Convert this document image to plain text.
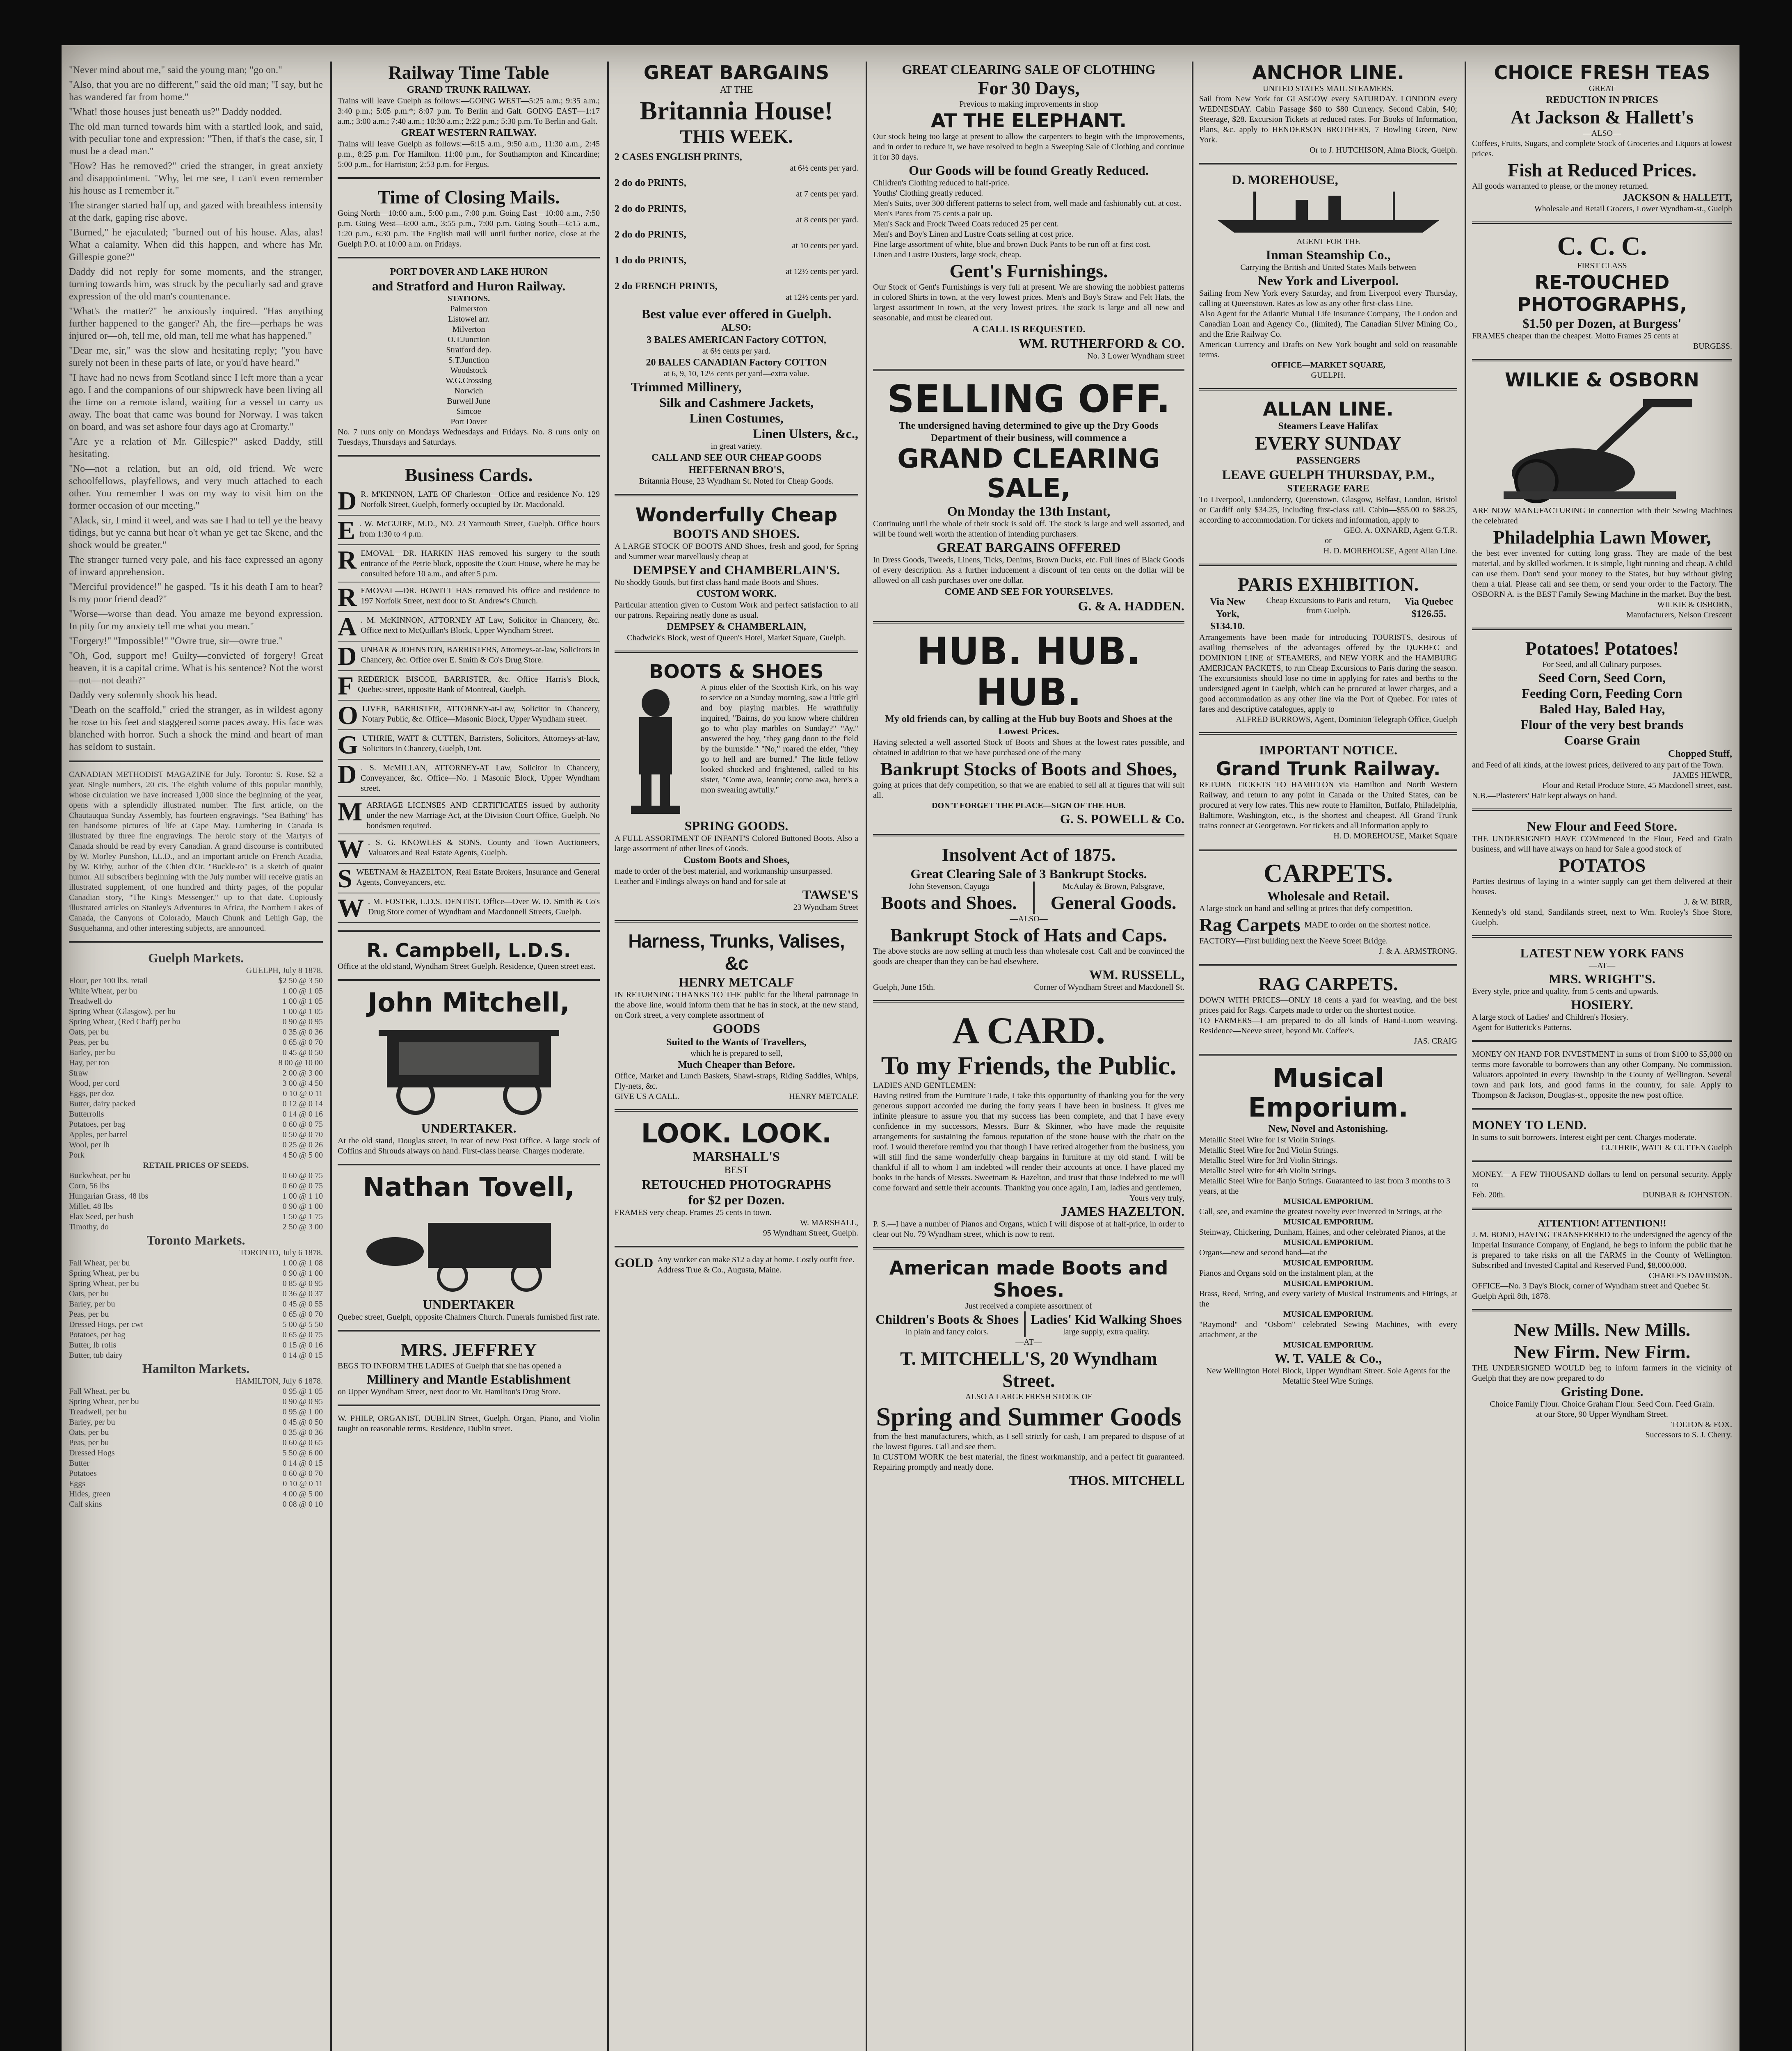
"Never mind about me," said the young man; "go on."

"Also, that you are no different," said the old man; "I say, but he has wandered far from home."

"What! those houses just beneath us?" Daddy nodded.

The old man turned towards him with a startled look, and said, with peculiar tone and expression: "Then, if that's the case, sir, I must be a dead man."

"How? Has he removed?" cried the stranger, in great anxiety and disappointment. "Why, let me see, I can't even remember his house as I remember it."

The stranger started half up, and gazed with breathless intensity at the dark, gaping rise above.

"Burned," he ejaculated; "burned out of his house. Alas, alas! What a calamity. When did this happen, and where has Mr. Gillespie gone?"

Daddy did not reply for some moments, and the stranger, turning towards him, was struck by the peculiarly sad and grave expression of the old man's countenance.

"What's the matter?" he anxiously inquired. "Has anything further happened to the ganger? Ah, the fire—perhaps he was injured or—oh, tell me, old man, tell me what has happened."

"Dear me, sir," was the slow and hesitating reply; "you have surely not been in these parts of late, or you'd have heard."

"I have had no news from Scotland since I left more than a year ago. I and the companions of our shipwreck have been living all the time on a remote island, waiting for a vessel to carry us away. The boat that came was bound for Norway. I was taken on board, and was set ashore four days ago at Cromarty."

"Are ye a relation of Mr. Gillespie?" asked Daddy, still hesitating.

"No—not a relation, but an old, old friend. We were schoolfellows, playfellows, and very much attached to each other. You remember I was on my way to visit him on the former occasion of our meeting."

"Alack, sir, I mind it weel, and was sae I had to tell ye the heavy tidings, but ye canna but hear o't whan ye get tae Skene, and the shock would be greater."

The stranger turned very pale, and his face expressed an agony of inward apprehension.

"Merciful providence!" he gasped. "Is it his death I am to hear? Is my poor friend dead?"

"Worse—worse than dead. You amaze me beyond expression. In pity for my anxiety tell me what you mean."

"Forgery!" "Impossible!" "Owre true, sir—owre true."

"Oh, God, support me! Guilty—convicted of forgery! Great heaven, it is a capital crime. What is his sentence? Not the worst—not—not death?"

Daddy very solemnly shook his head.

"Death on the scaffold," cried the stranger, as in wildest agony he rose to his feet and staggered some paces away. His face was blanched with horror. Such a shock the mind and heart of man has seldom to sustain.

CANADIAN METHODIST MAGAZINE for July. Toronto: S. Rose. $2 a year. Single numbers, 20 cts. The eighth volume of this popular monthly, whose circulation we have increased 1,000 since the beginning of the year, opens with a splendidly illustrated number. The first article, on the Chautauqua Sunday Assembly, has fourteen engravings. "Sea Bathing" has ten handsome pictures of life at Cape May. Lumbering in Canada is illustrated by three fine engravings. The heroic story of the Martyrs of Canada should be read by every Canadian. A grand discourse is contributed by W. Morley Punshon, LL.D., and an important article on French Acadia, by W. Kirby, author of the Chien d'Or. "Buckle-to" is a sketch of quaint humor. All subscribers beginning with the July number will receive gratis an illustrated supplement, of one hundred and thirty pages, of the popular Canadian story, "The King's Messenger," up to that date. Copiously illustrated articles on Stanley's Adventures in Africa, the Northern Lakes of Canada, the Canyons of Colorado, Mauch Chunk and Lehigh Gap, the Susquehanna, and other interesting subjects, are announced.
Guelph Markets.
GUELPH, July 8 1878.
Flour, per 100 lbs. retail	$2 50 @ 3 50
White Wheat, per bu	1 00 @ 1 05
Treadwell do	1 00 @ 1 05
Spring Wheat (Glasgow), per bu	1 00 @ 1 05
Spring Wheat, (Red Chaff) per bu	0 90 @ 0 95
Oats, per bu	0 35 @ 0 36
Peas, per bu	0 65 @ 0 70
Barley, per bu	0 45 @ 0 50
Hay, per ton	8 00 @ 10 00
Straw	2 00 @ 3 00
Wood, per cord	3 00 @ 4 50
Eggs, per doz	0 10 @ 0 11
Butter, dairy packed	0 12 @ 0 14
Butterrolls	0 14 @ 0 16
Potatoes, per bag	0 60 @ 0 75
Apples, per barrel	0 50 @ 0 70
Wool, per lb	0 25 @ 0 26
Pork	4 50 @ 5 00
RETAIL PRICES OF SEEDS.
Buckwheat, per bu	0 60 @ 0 75
Corn, 56 lbs	0 60 @ 0 75
Hungarian Grass, 48 lbs	1 00 @ 1 10
Millet, 48 lbs	0 90 @ 1 00
Flax Seed, per bush	1 50 @ 1 75
Timothy, do	2 50 @ 3 00
Toronto Markets.
TORONTO, July 6 1878.
Fall Wheat, per bu	1 00 @ 1 08
Spring Wheat, per bu	0 90 @ 1 00
Spring Wheat, per bu	0 85 @ 0 95
Oats, per bu	0 36 @ 0 37
Barley, per bu	0 45 @ 0 55
Peas, per bu	0 65 @ 0 70
Dressed Hogs, per cwt	5 00 @ 5 50
Potatoes, per bag	0 65 @ 0 75
Butter, lb rolls	0 15 @ 0 16
Butter, tub dairy	0 14 @ 0 15
Hamilton Markets.
HAMILTON, July 6 1878.
Fall Wheat, per bu	0 95 @ 1 05
Spring Wheat, per bu	0 90 @ 0 95
Treadwell, per bu	0 95 @ 1 00
Barley, per bu	0 45 @ 0 50
Oats, per bu	0 35 @ 0 36
Peas, per bu	0 60 @ 0 65
Dressed Hogs	5 50 @ 6 00
Butter	0 14 @ 0 15
Potatoes	0 60 @ 0 70
Eggs	0 10 @ 0 11
Hides, green	4 00 @ 5 00
Calf skins	0 08 @ 0 10
Railway Time Table
GRAND TRUNK RAILWAY.
Trains will leave Guelph as follows:—GOING WEST—5:25 a.m.; 9:35 a.m.; 3:40 p.m.; 5:05 p.m.*; 8:07 p.m. To Berlin and Galt. GOING EAST—1:17 a.m.; 3:00 a.m.; 7:40 a.m.; 10:30 a.m.; 2:22 p.m.; 5:30 p.m. To Berlin and Galt.
GREAT WESTERN RAILWAY.
Trains will leave Guelph as follows:—6:15 a.m., 9:50 a.m., 11:30 a.m., 2:45 p.m., 8:25 p.m. For Hamilton. 11:00 p.m., for Southampton and Kincardine; 5:00 p.m., for Harriston; 2:53 p.m. for Fergus.
Time of Closing Mails.
Going North—10:00 a.m., 5:00 p.m., 7:00 p.m. Going East—10:00 a.m., 7:50 p.m. Going West—6:00 a.m., 3:55 p.m., 7:00 p.m. Going South—6:15 a.m., 1:20 p.m., 6:30 p.m. The English mail will until further notice, close at the Guelph P.O. at 10:00 a.m. on Fridays.
PORT DOVER AND LAKE HURON
and Stratford and Huron Railway.
STATIONS.
Palmerston
Listowel arr.
Milverton
O.T.Junction
Stratford dep.
S.T.Junction
Woodstock
W.G.Crossing
Norwich
Burwell June
Simcoe
Port Dover
No. 7 runs only on Mondays Wednesdays and Fridays. No. 8 runs only on Tuesdays, Thursdays and Saturdays.
Business Cards.
D R. M'KINNON, LATE OF Charleston—Office and residence No. 129 Norfolk Street, Guelph, formerly occupied by Dr. Macdonald.
E . W. McGUIRE, M.D., NO. 23 Yarmouth Street, Guelph. Office hours from 1:30 to 4 p.m.
REMOVAL—DR. HARKIN HAS removed his surgery to the south entrance of the Petrie block, opposite the Court House, where he may be consulted before 10 a.m., and after 5 p.m.
REMOVAL—DR. HOWITT HAS removed his office and residence to 197 Norfolk Street, next door to St. Andrew's Church.
A . M. McKINNON, ATTORNEY AT Law, Solicitor in Chancery, &c. Office next to McQuillan's Block, Upper Wyndham Street.
DUNBAR & JOHNSTON, BARRISTERS, Attorneys-at-law, Solicitors in Chancery, &c. Office over E. Smith & Co's Drug Store.
FREDERICK BISCOE, BARRISTER, &c. Office—Harris's Block, Quebec-street, opposite Bank of Montreal, Guelph.
OLIVER, BARRISTER, ATTORNEY-at-Law, Solicitor in Chancery, Notary Public, &c. Office—Masonic Block, Upper Wyndham street.
GUTHRIE, WATT & CUTTEN, Barristers, Solicitors, Attorneys-at-law, Solicitors in Chancery, Guelph, Ont.
D . S. McMILLAN, ATTORNEY-AT Law, Solicitor in Chancery, Conveyancer, &c. Office—No. 1 Masonic Block, Upper Wyndham street.
MARRIAGE LICENSES AND CERTIFICATES issued by authority under the new Marriage Act, at the Division Court Office, Guelph. No bondsmen required.
W . S. G. KNOWLES & SONS, County and Town Auctioneers, Valuators and Real Estate Agents, Guelph.
SWEETNAM & HAZELTON, Real Estate Brokers, Insurance and General Agents, Conveyancers, etc.
W . M. FOSTER, L.D.S. DENTIST. Office—Over W. D. Smith & Co's Drug Store corner of Wyndham and Macdonnell Streets, Guelph.
R. Campbell, L.D.S.
Office at the old stand, Wyndham Street Guelph. Residence, Queen street east.
John Mitchell,
UNDERTAKER.
At the old stand, Douglas street, in rear of new Post Office. A large stock of Coffins and Shrouds always on hand. First-class hearse. Charges moderate.
Nathan Tovell,
UNDERTAKER
Quebec street, Guelph, opposite Chalmers Church. Funerals furnished first rate.
MRS. JEFFREY
BEGS TO INFORM THE LADIES of Guelph that she has opened a
Millinery and Mantle Establishment
on Upper Wyndham Street, next door to Mr. Hamilton's Drug Store.
W. PHILP, ORGANIST, DUBLIN Street, Guelph. Organ, Piano, and Violin taught on reasonable terms. Residence, Dublin street.
GREAT BARGAINS
AT THE
Britannia House!
THIS WEEK.
2 CASES ENGLISH PRINTS,
at 6½ cents per yard.
2 do do PRINTS,
at 7 cents per yard.
2 do do PRINTS,
at 8 cents per yard.
2 do do PRINTS,
at 10 cents per yard.
1 do do PRINTS,
at 12½ cents per yard.
2 do FRENCH PRINTS,
at 12½ cents per yard.
Best value ever offered in Guelph.
ALSO:
3 BALES AMERICAN Factory COTTON,
at 6½ cents per yard.
20 BALES CANADIAN Factory COTTON
at 6, 9, 10, 12½ cents per yard—extra value.
Trimmed Millinery,
Silk and Cashmere Jackets,
Linen Costumes,
Linen Ulsters, &c.,
in great variety.
CALL AND SEE OUR CHEAP GOODS
HEFFERNAN BRO'S,
Britannia House, 23 Wyndham St. Noted for Cheap Goods.
Wonderfully Cheap
BOOTS AND SHOES.
A LARGE STOCK OF BOOTS AND Shoes, fresh and good, for Spring and Summer wear marvellously cheap at
DEMPSEY and CHAMBERLAIN'S.
No shoddy Goods, but first class hand made Boots and Shoes.
CUSTOM WORK.
Particular attention given to Custom Work and perfect satisfaction to all our patrons. Repairing neatly done as usual.
DEMPSEY & CHAMBERLAIN,
Chadwick's Block, west of Queen's Hotel, Market Square, Guelph.
BOOTS & SHOES
A pious elder of the Scottish Kirk, on his way to service on a Sunday morning, saw a little girl and boy playing marbles. He wrathfully inquired, "Bairns, do you know where children go to who play marbles on Sunday?" "Ay," answered the boy, "they gang doon to the field by the burnside." "No," roared the elder, "they go to hell and are burned." The little fellow looked shocked and frightened, called to his sister, "Come awa, Jeannie; come awa, here's a mon swearing awfully."
SPRING GOODS.
A FULL ASSORTMENT OF INFANT'S Colored Buttoned Boots. Also a large assortment of other lines of Goods.
Custom Boots and Shoes,
made to order of the best material, and workmanship unsurpassed.
Leather and Findings always on hand and for sale at
TAWSE'S
23 Wyndham Street
Harness, Trunks, Valises, &c
HENRY METCALF
IN RETURNING THANKS TO THE public for the liberal patronage in the above line, would inform them that he has in stock, at the new stand, on Cork street, a very complete assortment of
GOODS
Suited to the Wants of Travellers,
which he is prepared to sell,
Much Cheaper than Before.
Office, Market and Lunch Baskets, Shawl-straps, Riding Saddles, Whips, Fly-nets, &c.
GIVE US A CALL.	HENRY METCALF.
LOOK. LOOK.
MARSHALL'S
BEST
RETOUCHED PHOTOGRAPHS
for $2 per Dozen.
FRAMES very cheap. Frames 25 cents in town.
W. MARSHALL,
95 Wyndham Street, Guelph.
GOLD Any worker can make $12 a day at home. Costly outfit free. Address True & Co., Augusta, Maine.
GREAT CLEARING SALE OF CLOTHING
For 30 Days,
Previous to making improvements in shop
AT THE ELEPHANT.
Our stock being too large at present to allow the carpenters to begin with the improvements, and in order to reduce it, we have resolved to begin a Sweeping Sale of Clothing and continue it for 30 days.
Our Goods will be found Greatly Reduced.
Children's Clothing reduced to half-price.
Youths' Clothing greatly reduced.
Men's Suits, over 300 different patterns to select from, well made and fashionably cut, at cost.
Men's Pants from 75 cents a pair up.
Men's Sack and Frock Tweed Coats reduced 25 per cent.
Men's and Boy's Linen and Lustre Coats selling at cost price.
Fine large assortment of white, blue and brown Duck Pants to be run off at first cost.
Linen and Lustre Dusters, large stock, cheap.
Gent's Furnishings.
Our Stock of Gent's Furnishings is very full at present. We are showing the nobbiest patterns in colored Shirts in town, at the very lowest prices. Men's and Boy's Straw and Felt Hats, the largest assortment in town, at the very lowest prices. The stock is large and all new and seasonable, and must be cleared out.
A CALL IS REQUESTED.
WM. RUTHERFORD & CO.
No. 3 Lower Wyndham street
SELLING OFF.
The undersigned having determined to give up the Dry Goods Department of their business, will commence a
GRAND CLEARING SALE,
On Monday the 13th Instant,
Continuing until the whole of their stock is sold off. The stock is large and well assorted, and will be found well worth the attention of intending purchasers.
GREAT BARGAINS OFFERED
In Dress Goods, Tweeds, Linens, Ticks, Denims, Brown Ducks, etc. Full lines of Black Goods of every description. As a further inducement a discount of ten cents on the dollar will be allowed on all cash purchases over one dollar.
COME AND SEE FOR YOURSELVES.
G. & A. HADDEN.
HUB. HUB. HUB.
My old friends can, by calling at the Hub buy Boots and Shoes at the Lowest Prices.
Having selected a well assorted Stock of Boots and Shoes at the lowest rates possible, and obtained in addition to that we have purchased one of the many
Bankrupt Stocks of Boots and Shoes,
going at prices that defy competition, so that we are enabled to sell all at figures that will suit all.
DON'T FORGET THE PLACE—SIGN OF THE HUB.
G. S. POWELL & Co.
Insolvent Act of 1875.
Great Clearing Sale of 3 Bankrupt Stocks.
John Stevenson, Cayuga
Boots and Shoes.
McAulay & Brown, Palsgrave,
General Goods.
—ALSO—
Bankrupt Stock of Hats and Caps.
The above stocks are now selling at much less than wholesale cost. Call and be convinced the goods are cheaper than they can be had elsewhere.
WM. RUSSELL,
Guelph, June 15th.	Corner of Wyndham Street and Macdonell St.
A CARD.
To my Friends, the Public.
LADIES AND GENTLEMEN:
Having retired from the Furniture Trade, I take this opportunity of thanking you for the very generous support accorded me during the forty years I have been in business. It gives me infinite pleasure to assure you that my success has been complete, and that I have every confidence in my successors, Messrs. Burr & Skinner, who have made the requisite arrangements for sustaining the famous reputation of the stone house with the chair on the roof. I would therefore remind you that though I have retired altogether from the business, you will still find the same wonderfully cheap bargains in furniture at my old stand. I will be thankful if all to whom I am indebted will render their accounts at once. I have placed my books in the hands of Messrs. Sweetnam & Hazelton, and trust that those indebted to me will come forward and settle their accounts. Thanking you once again, I am, ladies and gentlemen,
Yours very truly,
JAMES HAZELTON.
P. S.—I have a number of Pianos and Organs, which I will dispose of at half-price, in order to clear out No. 79 Wyndham street, which is now to rent.
American made Boots and Shoes.
Just received a complete assortment of
Children's Boots & Shoes
in plain and fancy colors.
Ladies' Kid Walking Shoes
large supply, extra quality.
—AT—
T. MITCHELL'S, 20 Wyndham Street.
ALSO A LARGE FRESH STOCK OF
Spring and Summer Goods
from the best manufacturers, which, as I sell strictly for cash, I am prepared to dispose of at the lowest figures. Call and see them.
In CUSTOM WORK the best material, the finest workmanship, and a perfect fit guaranteed. Repairing promptly and neatly done.
THOS. MITCHELL
ANCHOR LINE.
UNITED STATES MAIL STEAMERS.
Sail from New York for GLASGOW every SATURDAY. LONDON every WEDNESDAY. Cabin Passage $60 to $80 Currency. Second Cabin, $40; Steerage, $28. Excursion Tickets at reduced rates. For Books of Information, Plans, &c. apply to HENDERSON BROTHERS, 7 Bowling Green, New York.
Or to J. HUTCHISON, Alma Block, Guelph.
D. MOREHOUSE,
AGENT FOR THE
Inman Steamship Co.,
Carrying the British and United States Mails between
New York and Liverpool.
Sailing from New York every Saturday, and from Liverpool every Thursday, calling at Queenstown. Rates as low as any other first-class Line.
Also Agent for the Atlantic Mutual Life Insurance Company, The London and Canadian Loan and Agency Co., (limited), The Canadian Silver Mining Co., and the Erie Railway Co.
American Currency and Drafts on New York bought and sold on reasonable terms.
OFFICE—MARKET SQUARE,
GUELPH.
ALLAN LINE.
Steamers Leave Halifax
EVERY SUNDAY
PASSENGERS
LEAVE GUELPH THURSDAY, P.M.,
STEERAGE FARE
To Liverpool, Londonderry, Queenstown, Glasgow, Belfast, London, Bristol or Cardiff only $34.25, including first-class rail. Cabin—$55.00 to $88.25, according to accommodation. For tickets and information, apply to
GEO. A. OXNARD, Agent G.T.R.
or
H. D. MOREHOUSE, Agent Allan Line.
PARIS EXHIBITION.
Via New York, $134.10.
Cheap Excursions to Paris and return, from Guelph.
Via Quebec $126.55.
Arrangements have been made for introducing TOURISTS, desirous of availing themselves of the advantages offered by the QUEBEC and DOMINION LINE of STEAMERS, and NEW YORK and the HAMBURG AMERICAN PACKETS, to run Cheap Excursions to Paris during the season. The excursionists should lose no time in applying for rates and berths to the undersigned agent in Guelph, which can be procured at lower charges, and a good accommodation as any other line via the Port of Quebec. For rates of fares and descriptive catalogues, apply to
ALFRED BURROWS, Agent, Dominion Telegraph Office, Guelph
IMPORTANT NOTICE.
Grand Trunk Railway.
RETURN TICKETS TO HAMILTON via Hamilton and North Western Railway, and return to any point in Canada or the United States, can be procured at very low rates. This new route to Hamilton, Buffalo, Philadelphia, Baltimore, Washington, etc., is the shortest and cheapest. All Grand Trunk trains connect at Georgetown. For tickets and all information apply to
H. D. MOREHOUSE, Market Square
CARPETS.
Wholesale and Retail.
A large stock on hand and selling at prices that defy competition.
Rag Carpets MADE to order on the shortest notice.
FACTORY—First building next the Neeve Street Bridge.
J. & A. ARMSTRONG.
RAG CARPETS.
DOWN WITH PRICES—ONLY 18 cents a yard for weaving, and the best prices paid for Rags. Carpets made to order on the shortest notice.
TO FARMERS—I am prepared to do all kinds of Hand-Loom weaving. Residence—Neeve street, beyond Mr. Coffee's.
JAS. CRAIG
Musical Emporium.
New, Novel and Astonishing.
Metallic Steel Wire for 1st Violin Strings.
Metallic Steel Wire for 2nd Violin Strings.
Metallic Steel Wire for 3rd Violin Strings.
Metallic Steel Wire for 4th Violin Strings.
Metallic Steel Wire for Banjo Strings. Guaranteed to last from 3 months to 3 years, at the
MUSICAL EMPORIUM.
Call, see, and examine the greatest novelty ever invented in Strings, at the
MUSICAL EMPORIUM.
Steinway, Chickering, Dunham, Haines, and other celebrated Pianos, at the
MUSICAL EMPORIUM.
Organs—new and second hand—at the
MUSICAL EMPORIUM.
Pianos and Organs sold on the instalment plan, at the
MUSICAL EMPORIUM.
Brass, Reed, String, and every variety of Musical Instruments and Fittings, at the
MUSICAL EMPORIUM.
"Raymond" and "Osborn" celebrated Sewing Machines, with every attachment, at the
MUSICAL EMPORIUM.
W. T. VALE & Co.,
New Wellington Hotel Block, Upper Wyndham Street. Sole Agents for the Metallic Steel Wire Strings.
CHOICE FRESH TEAS
GREAT
REDUCTION IN PRICES
At Jackson & Hallett's
—ALSO—
Coffees, Fruits, Sugars, and complete Stock of Groceries and Liquors at lowest prices.
Fish at Reduced Prices.
All goods warranted to please, or the money returned.
JACKSON & HALLETT,
Wholesale and Retail Grocers, Lower Wyndham-st., Guelph
C. C. C.
FIRST CLASS
RE-TOUCHED PHOTOGRAPHS,
$1.50 per Dozen, at Burgess'
FRAMES cheaper than the cheapest. Motto Frames 25 cents at
BURGESS.
WILKIE & OSBORN
ARE NOW MANUFACTURING in connection with their Sewing Machines the celebrated
Philadelphia Lawn Mower,
the best ever invented for cutting long grass. They are made of the best material, and by skilled workmen. It is simple, light running and cheap. A child can use them. Don't send your money to the States, but buy without giving them a trial. Please call and see them, or send your order to the Factory. The OSBORN A. is the BEST Family Sewing Machine in the market. Buy the best.
WILKIE & OSBORN,
Manufacturers, Nelson Crescent
Potatoes! Potatoes!
For Seed, and all Culinary purposes.
Seed Corn, Seed Corn,
Feeding Corn, Feeding Corn
Baled Hay, Baled Hay,
Flour of the very best brands
Coarse Grain
Chopped Stuff,
and Feed of all kinds, at the lowest prices, delivered to any part of the Town.
JAMES HEWER,
Flour and Retail Produce Store, 45 Macdonell street, east.
N.B.—Plasterers' Hair kept always on hand.
New Flour and Feed Store.
THE UNDERSIGNED HAVE COMmenced in the Flour, Feed and Grain business, and will have always on hand for Sale a good stock of
POTATOS
Parties desirous of laying in a winter supply can get them delivered at their houses.
J. & W. BIRR,
Kennedy's old stand, Sandilands street, next to Wm. Rooley's Shoe Store, Guelph.
LATEST NEW YORK FANS
—AT—
MRS. WRIGHT'S.
Every style, price and quality, from 5 cents and upwards.
HOSIERY.
A large stock of Ladies' and Children's Hosiery.
Agent for Butterick's Patterns.
MONEY ON HAND FOR INVESTMENT in sums of from $100 to $5,000 on terms more favorable to borrowers than any other Company. No commission. Valuators appointed in every Township in the County of Wellington. Several town and park lots, and good farms in the country, for sale. Apply to Thompson & Jackson, Douglas-st., opposite the new post office.
MONEY TO LEND.
In sums to suit borrowers. Interest eight per cent. Charges moderate.
GUTHRIE, WATT & CUTTEN Guelph
MONEY.—A FEW THOUSAND dollars to lend on personal security. Apply to
Feb. 20th.	DUNBAR & JOHNSTON.
ATTENTION! ATTENTION!!
J. M. BOND, HAVING TRANSFERRED to the undersigned the agency of the Imperial Insurance Company, of England, he begs to inform the public that he is prepared to take risks on all the FARMS in the County of Wellington. Subscribed and Invested Capital and Reserved Fund, $8,000,000.
CHARLES DAVIDSON.
OFFICE—No. 3 Day's Block, corner of Wyndham street and Quebec St.
Guelph April 8th, 1878.
New Mills. New Mills.
New Firm. New Firm.
THE UNDERSIGNED WOULD beg to inform farmers in the vicinity of Guelph that they are now prepared to do
Gristing Done.
Choice Family Flour. Choice Graham Flour. Seed Corn. Feed Grain.
at our Store, 90 Upper Wyndham Street.
TOLTON & FOX.
Successors to S. J. Cherry.
